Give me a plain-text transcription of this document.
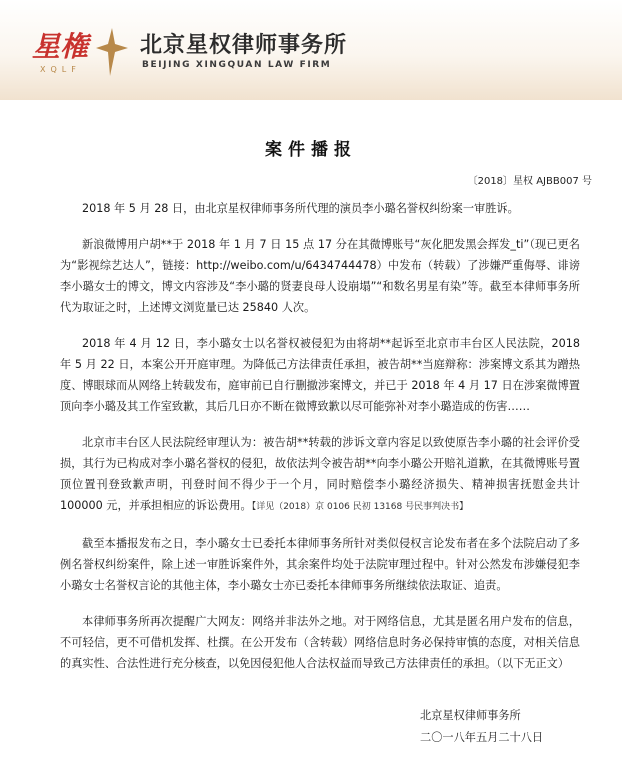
星権
XQLF
北京星权律师事务所
BEIJING XINGQUAN LAW FIRM
案件播报
〔2018〕星权 AJBB007 号

2018 年 5 月 28 日，由北京星权律师事务所代理的演员李小璐名誉权纠纷案一审胜诉。

新浪微博用户胡**于 2018 年 1 月 7 日 15 点 17 分在其微博账号“灰化肥发黑会挥发_ti”（现已更名为“影视综艺达人”，链接：http://weibo.com/u/6434744478）中发布（转载）了涉嫌严重侮辱、诽谤李小璐女士的博文，博文内容涉及“李小璐的贤妻良母人设崩塌”“和数名男星有染”等。截至本律师事务所代为取证之时，上述博文浏览量已达 25840 人次。

2018 年 4 月 12 日，李小璐女士以名誉权被侵犯为由将胡**起诉至北京市丰台区人民法院，2018 年 5 月 22 日，本案公开开庭审理。为降低己方法律责任承担，被告胡**当庭辩称：涉案博文系其为蹭热度、博眼球而从网络上转载发布，庭审前已自行删撤涉案博文，并已于 2018 年 4 月 17 日在涉案微博置顶向李小璐及其工作室致歉，其后几日亦不断在微博致歉以尽可能弥补对李小璐造成的伤害……

北京市丰台区人民法院经审理认为：被告胡**转载的涉诉文章内容足以致使原告李小璐的社会评价受损，其行为已构成对李小璐名誉权的侵犯，故依法判令被告胡**向李小璐公开赔礼道歉，在其微博账号置顶位置刊登致歉声明，刊登时间不得少于一个月，同时赔偿李小璐经济损失、精神损害抚慰金共计 100000 元，并承担相应的诉讼费用。【详见（2018）京 0106 民初 13168 号民事判决书】

截至本播报发布之日，李小璐女士已委托本律师事务所针对类似侵权言论发布者在多个法院启动了多例名誉权纠纷案件，除上述一审胜诉案件外，其余案件均处于法院审理过程中。针对公然发布涉嫌侵犯李小璐女士名誉权言论的其他主体，李小璐女士亦已委托本律师事务所继续依法取证、追责。

本律师事务所再次提醒广大网友：网络并非法外之地。对于网络信息，尤其是匿名用户发布的信息，不可轻信，更不可借机发挥、杜撰。在公开发布（含转载）网络信息时务必保持审慎的态度，对相关信息的真实性、合法性进行充分核查，以免因侵犯他人合法权益而导致己方法律责任的承担。（以下无正文）

北京星权律师事务所
二〇一八年五月二十八日
